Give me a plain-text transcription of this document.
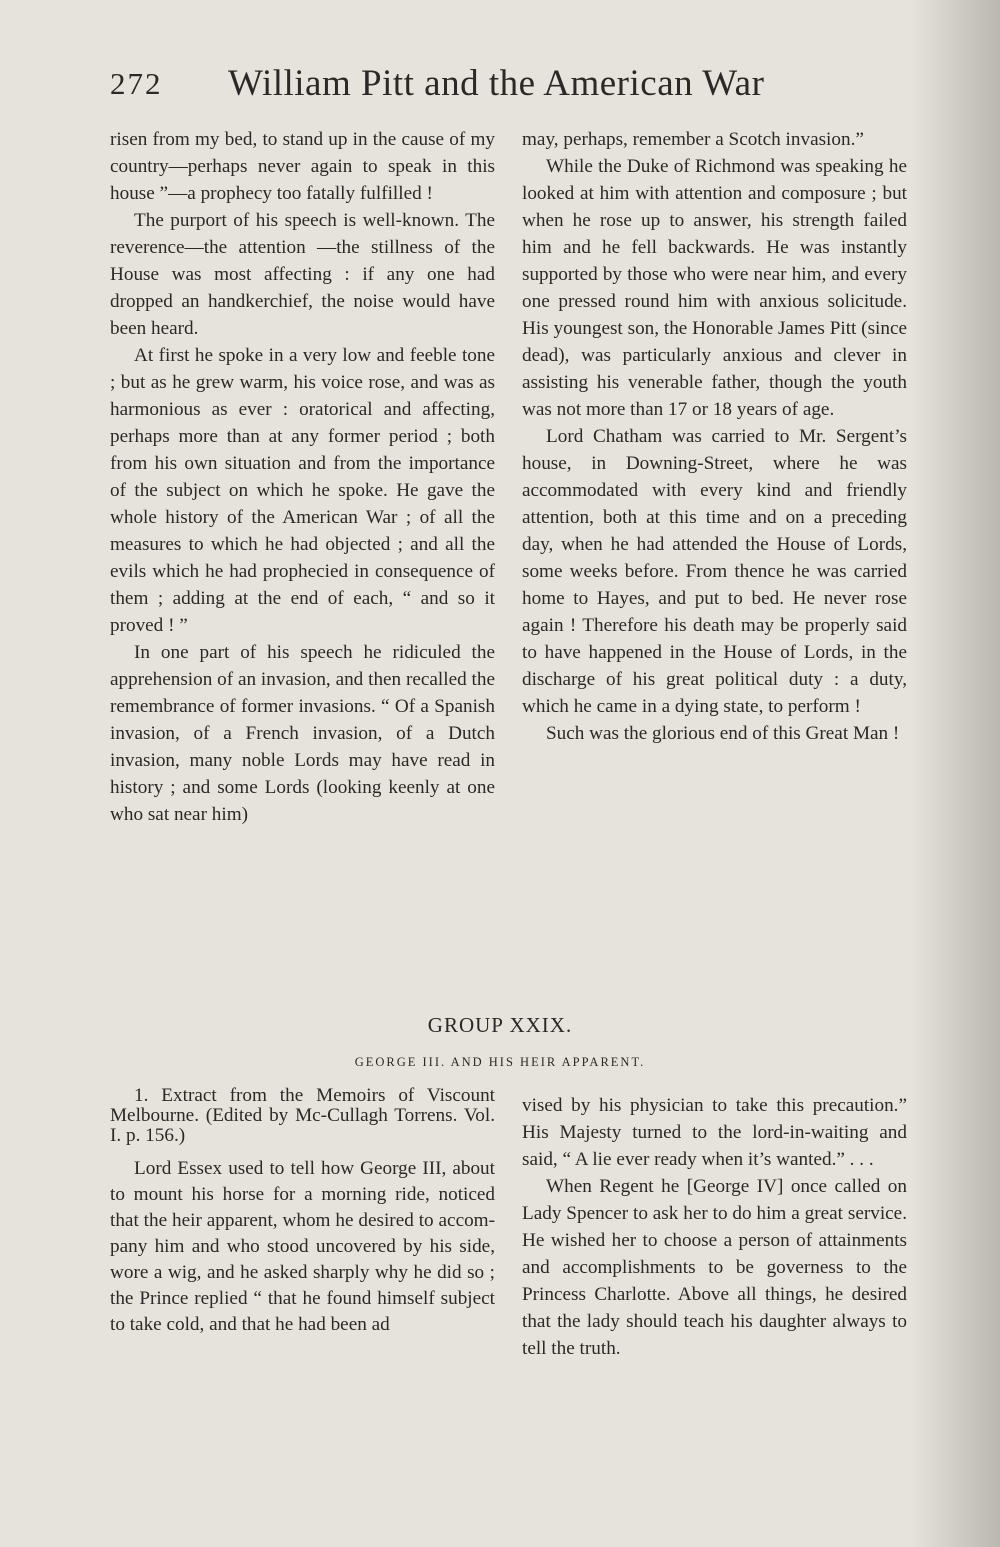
272 William Pitt and the American War

risen from my bed, to stand up in the cause of my country—perhaps never again to speak in this house ”—a prophecy too fatally fulfilled !

The purport of his speech is well-known. The reverence—the attention —the stillness of the House was most affecting : if any one had dropped an handkerchief, the noise would have been heard.

At first he spoke in a very low and feeble tone ; but as he grew warm, his voice rose, and was as harmonious as ever : oratorical and affecting, perhaps more than at any former period ; both from his own situation and from the importance of the subject on which he spoke. He gave the whole history of the American War ; of all the measures to which he had objected ; and all the evils which he had prophecied in consequence of them ; adding at the end of each, “ and so it proved ! ”

In one part of his speech he ridiculed the apprehension of an invasion, and then recalled the remembrance of former invasions. “ Of a Spanish invasion, of a French invasion, of a Dutch invasion, many noble Lords may have read in history ; and some Lords (looking keenly at one who sat near him)

may, perhaps, remember a Scotch invasion.”

While the Duke of Richmond was speaking he looked at him with attention and composure ; but when he rose up to answer, his strength failed him and he fell backwards. He was instantly supported by those who were near him, and every one pressed round him with anxious solicitude. His youngest son, the Honorable James Pitt (since dead), was particularly anxious and clever in assisting his venerable father, though the youth was not more than 17 or 18 years of age.

Lord Chatham was carried to Mr. Sergent’s house, in Downing-Street, where he was accommodated with every kind and friendly attention, both at this time and on a preceding day, when he had attended the House of Lords, some weeks before. From thence he was carried home to Hayes, and put to bed. He never rose again ! Therefore his death may be properly said to have happened in the House of Lords, in the discharge of his great political duty : a duty, which he came in a dying state, to perform !

Such was the glorious end of this Great Man !

GROUP XXIX.
GEORGE III. AND HIS HEIR APPARENT.

1. Extract from the Memoirs of Viscount Melbourne. (Edited by Mc-Cullagh Torrens. Vol. I. p. 156.)

Lord Essex used to tell how George III, about to mount his horse for a morning ride, noticed that the heir apparent, whom he desired to accompany him and who stood uncovered by his side, wore a wig, and he asked sharply why he did so ; the Prince replied “ that he found himself subject to take cold, and that he had been ad

vised by his physician to take this precaution.” His Majesty turned to the lord-in-waiting and said, “ A lie ever ready when it’s wanted.” . . .

When Regent he [George IV] once called on Lady Spencer to ask her to do him a great service. He wished her to choose a person of attainments and accomplishments to be governess to the Princess Charlotte. Above all things, he desired that the lady should teach his daughter always to tell the truth.
